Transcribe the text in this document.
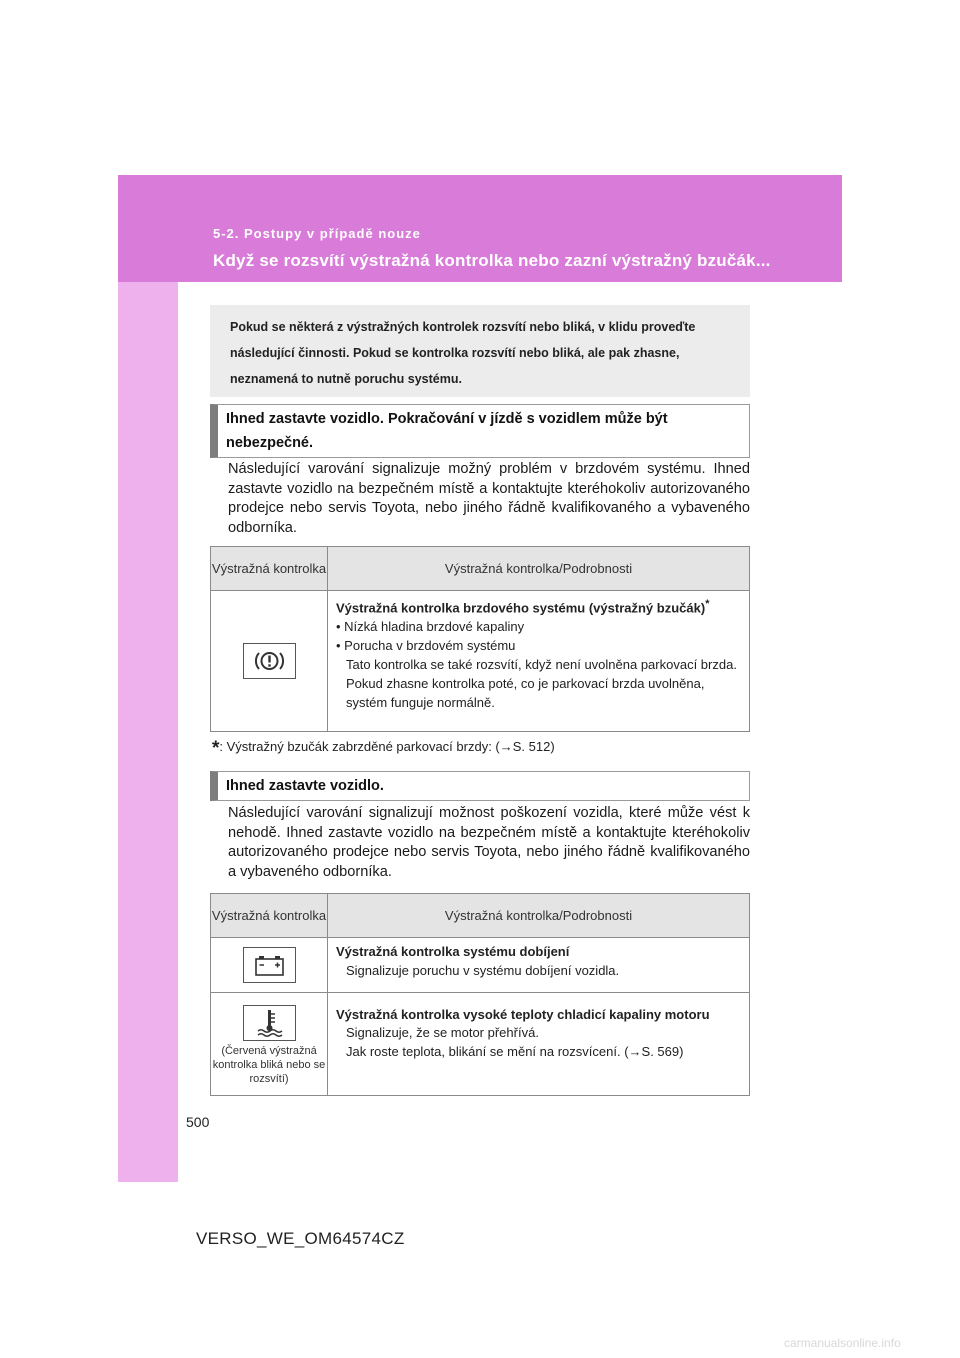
5-2. Postupy v případě nouze
Když se rozsvítí výstražná kontrolka nebo zazní výstražný bzučák...
Pokud se některá z výstražných kontrolek rozsvítí nebo bliká, v klidu proveďte následující činnosti. Pokud se kontrolka rozsvítí nebo bliká, ale pak zhasne, neznamená to nutně poruchu systému.
Ihned zastavte vozidlo. Pokračování v jízdě s vozidlem může být nebezpečné.
Následující varování signalizuje možný problém v brzdovém systému. Ihned zastavte vozidlo na bezpečném místě a kontaktujte kteréhokoliv autorizovaného prodejce nebo servis Toyota, nebo jiného řádně kvalifikovaného a vybaveného odborníka.
Výstražná kontrolka	Výstražná kontrolka/Podrobnosti

Výstražná kontrolka brzdového systému (výstražný bzučák)*
• Nízká hladina brzdové kapaliny
• Porucha v brzdovém systému
Tato kontrolka se také rozsvítí, když není uvolněna parkovací brzda. Pokud zhasne kontrolka poté, co je parkovací brzda uvolněna, systém funguje normálně.
*: Výstražný bzučák zabrzděné parkovací brzdy: (→S. 512)
Ihned zastavte vozidlo.
Následující varování signalizují možnost poškození vozidla, které může vést k nehodě. Ihned zastavte vozidlo na bezpečném místě a kontaktujte kteréhokoliv autorizovaného prodejce nebo servis Toyota, nebo jiného řádně kvalifikovaného a vybaveného odborníka.
Výstražná kontrolka	Výstražná kontrolka/Podrobnosti

Výstražná kontrolka systému dobíjení
Signalizuje poruchu v systému dobíjení vozidla.

(Červená výstražná kontrolka bliká nebo se rozsvítí)	Výstražná kontrolka vysoké teploty chladicí kapaliny motoru
Signalizuje, že se motor přehřívá.
Jak roste teplota, blikání se mění na rozsvícení. (→S. 569)
500
VERSO_WE_OM64574CZ
carmanualsonline.info
